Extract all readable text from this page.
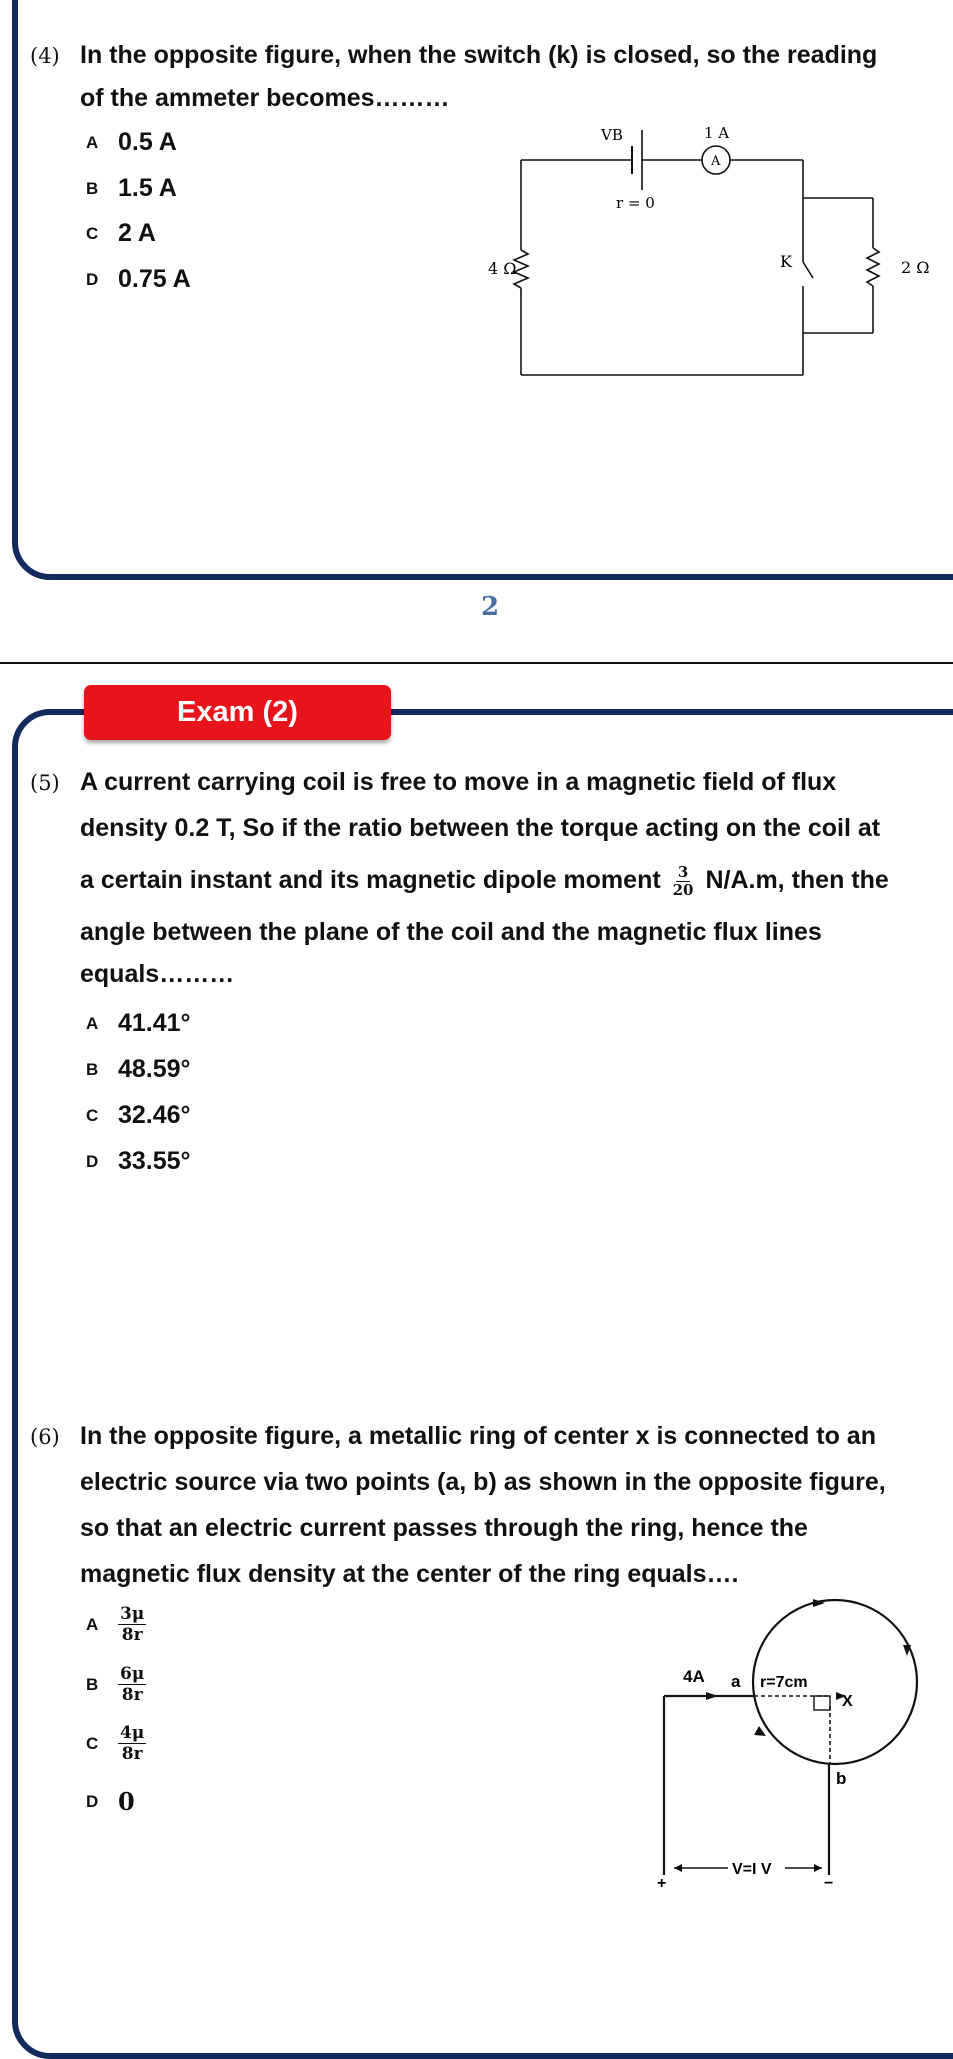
2
Exam (2)
(4) In the opposite figure, when the switch (k) is closed, so the reading

of the ammeter becomes………

A 0.5 A
B 1.5 A
C 2 A
D 0.75 A
VB	1 A
A
r = 0
4 Ω	K	2 Ω
(5) A current carrying coil is free to move in a magnetic field of flux

density 0.2 T, So if the ratio between the torque acting on the coil at

a certain instant and its magnetic dipole moment $\frac{3}{20} N/A.m$, then the

angle between the plane of the coil and the magnetic flux lines

equals………

A 41.41°
B 48.59°
C 32.46°
D 33.55°
(6) In the opposite figure, a metallic ring of center x is connected to an

electric source via two points (a, b) as shown in the opposite figure,

so that an electric current passes through the ring, hence the

magnetic flux density at the center of the ring equals….

A	$\frac{3\mu}{8r}$
B	$\frac{6\mu}{8r}$
C	$\frac{4\mu}{8r}$
D 0
4A a r=7cm
X
b
V=I V
+	−
